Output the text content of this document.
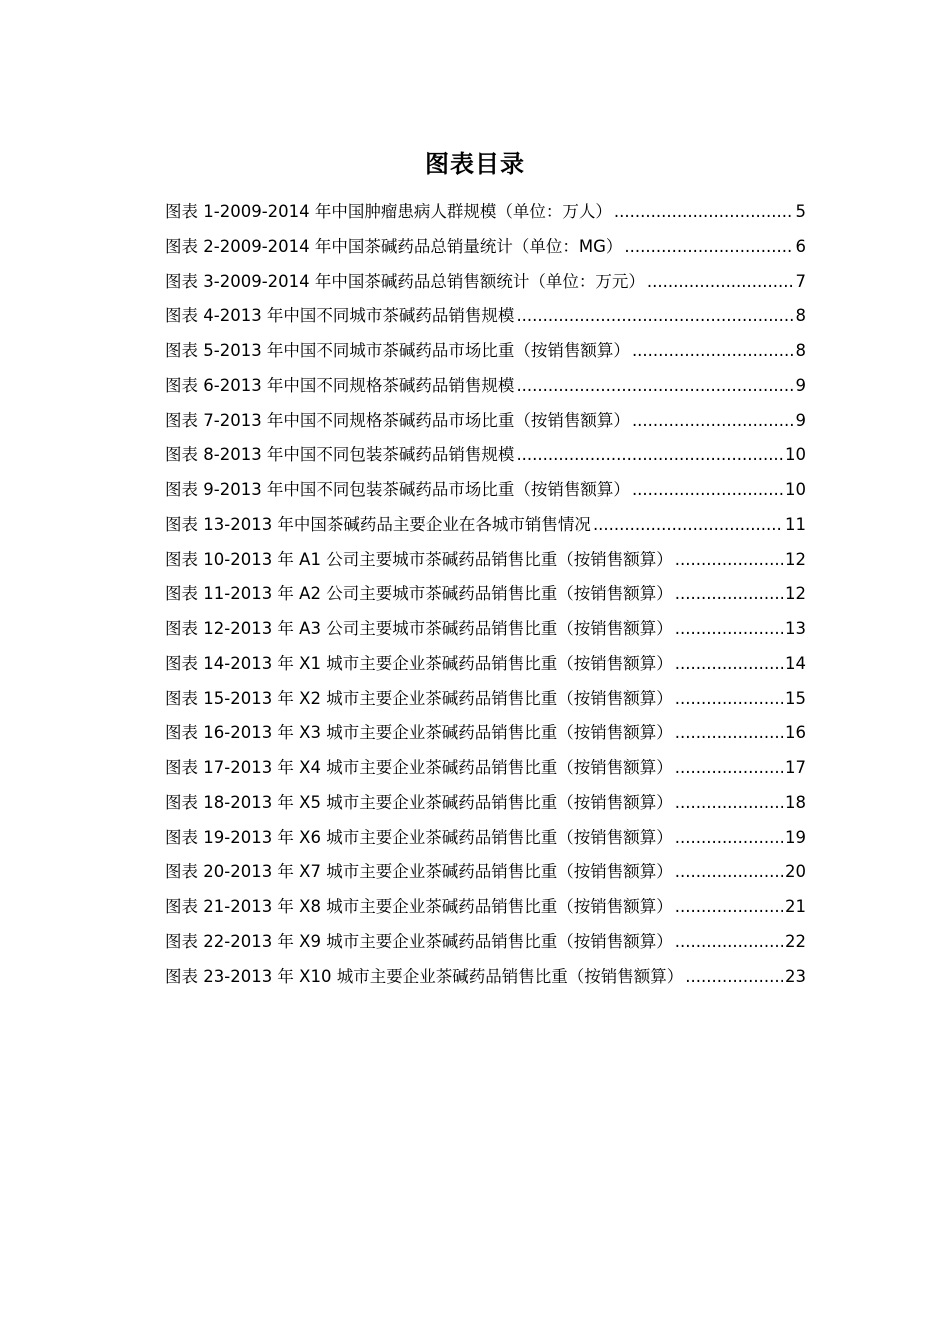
图表目录
图表 1-2009-2014 年中国肿瘤患病人群规模（单位：万人） .....	5
图表 2-2009-2014 年中国茶碱药品总销量统计（单位：MG） .....	6
图表 3-2009-2014 年中国茶碱药品总销售额统计（单位：万元） .....	7
图表 4-2013 年中国不同城市茶碱药品销售规模 .....	8
图表 5-2013 年中国不同城市茶碱药品市场比重（按销售额算） .....	8
图表 6-2013 年中国不同规格茶碱药品销售规模 .....	9
图表 7-2013 年中国不同规格茶碱药品市场比重（按销售额算） .....	9
图表 8-2013 年中国不同包装茶碱药品销售规模 .....	10
图表 9-2013 年中国不同包装茶碱药品市场比重（按销售额算） .....	10
图表 13-2013 年中国茶碱药品主要企业在各城市销售情况 .....	11
图表 10-2013 年 A1 公司主要城市茶碱药品销售比重（按销售额算） .....	12
图表 11-2013 年 A2 公司主要城市茶碱药品销售比重（按销售额算） .....	12
图表 12-2013 年 A3 公司主要城市茶碱药品销售比重（按销售额算） .....	13
图表 14-2013 年 X1 城市主要企业茶碱药品销售比重（按销售额算） .....	14
图表 15-2013 年 X2 城市主要企业茶碱药品销售比重（按销售额算） .....	15
图表 16-2013 年 X3 城市主要企业茶碱药品销售比重（按销售额算） .....	16
图表 17-2013 年 X4 城市主要企业茶碱药品销售比重（按销售额算） .....	17
图表 18-2013 年 X5 城市主要企业茶碱药品销售比重（按销售额算） .....	18
图表 19-2013 年 X6 城市主要企业茶碱药品销售比重（按销售额算） .....	19
图表 20-2013 年 X7 城市主要企业茶碱药品销售比重（按销售额算） .....	20
图表 21-2013 年 X8 城市主要企业茶碱药品销售比重（按销售额算） .....	21
图表 22-2013 年 X9 城市主要企业茶碱药品销售比重（按销售额算） .....	22
图表 23-2013 年 X10 城市主要企业茶碱药品销售比重（按销售额算） .....	23
